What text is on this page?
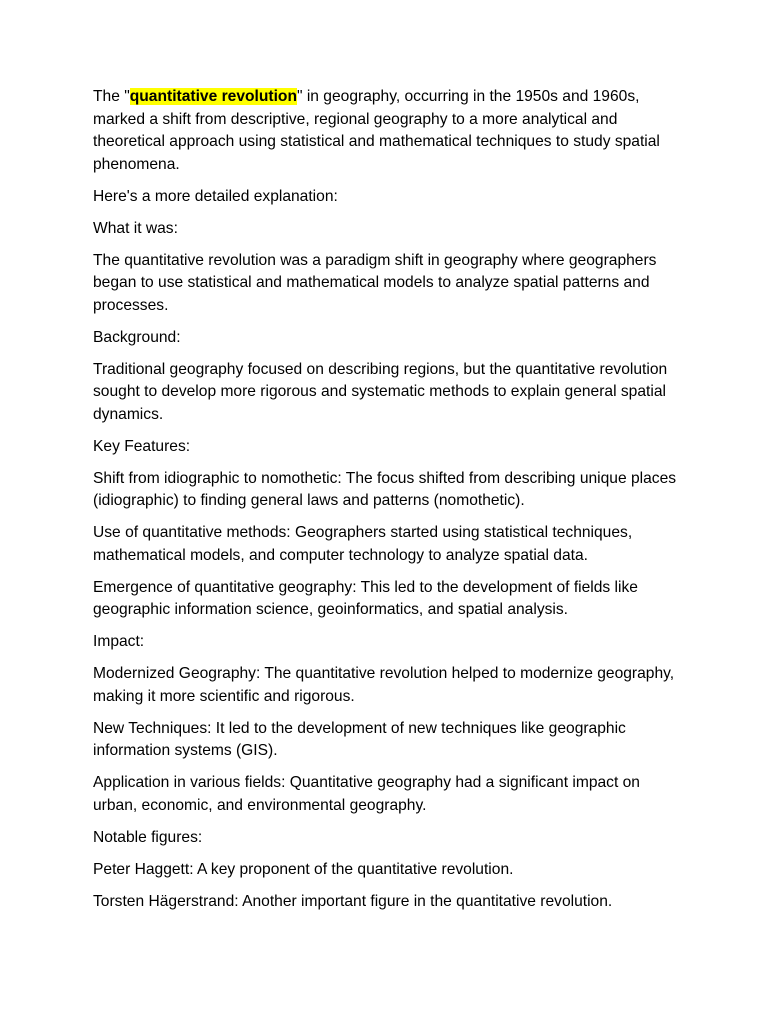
The "quantitative revolution" in geography, occurring in the 1950s and 1960s, marked a shift from descriptive, regional geography to a more analytical and theoretical approach using statistical and mathematical techniques to study spatial phenomena.

Here's a more detailed explanation:

What it was:

The quantitative revolution was a paradigm shift in geography where geographers began to use statistical and mathematical models to analyze spatial patterns and processes.

Background:

Traditional geography focused on describing regions, but the quantitative revolution sought to develop more rigorous and systematic methods to explain general spatial dynamics.

Key Features:

Shift from idiographic to nomothetic: The focus shifted from describing unique places (idiographic) to finding general laws and patterns (nomothetic).

Use of quantitative methods: Geographers started using statistical techniques, mathematical models, and computer technology to analyze spatial data.

Emergence of quantitative geography: This led to the development of fields like geographic information science, geoinformatics, and spatial analysis.

Impact:

Modernized Geography: The quantitative revolution helped to modernize geography, making it more scientific and rigorous.

New Techniques: It led to the development of new techniques like geographic information systems (GIS).

Application in various fields: Quantitative geography had a significant impact on urban, economic, and environmental geography.

Notable figures:

Peter Haggett: A key proponent of the quantitative revolution.

Torsten Hägerstrand: Another important figure in the quantitative revolution.
